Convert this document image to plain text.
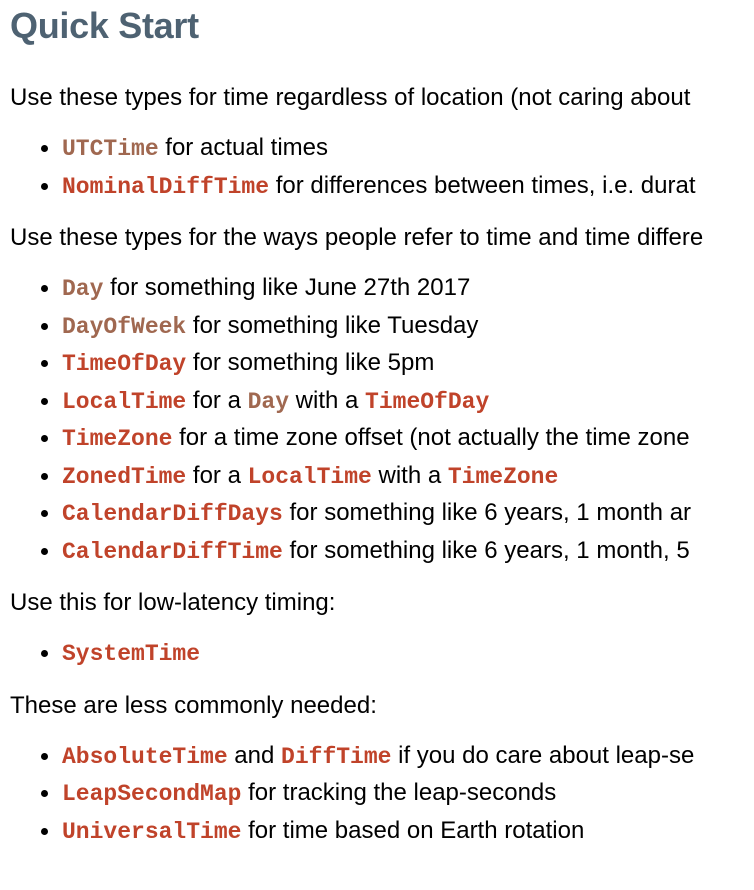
Quick Start

Use these types for time regardless of location (not caring about

UTCTime for actual times
NominalDiffTime for differences between times, i.e. durat

Use these types for the ways people refer to time and time differe

Day for something like June 27th 2017
DayOfWeek for something like Tuesday
TimeOfDay for something like 5pm
LocalTime for a Day with a TimeOfDay
TimeZone for a time zone offset (not actually the time zone
ZonedTime for a LocalTime with a TimeZone
CalendarDiffDays for something like 6 years, 1 month ar
CalendarDiffTime for something like 6 years, 1 month, 5

Use this for low-latency timing:

SystemTime

These are less commonly needed:

AbsoluteTime and DiffTime if you do care about leap-se
LeapSecondMap for tracking the leap-seconds
UniversalTime for time based on Earth rotation
